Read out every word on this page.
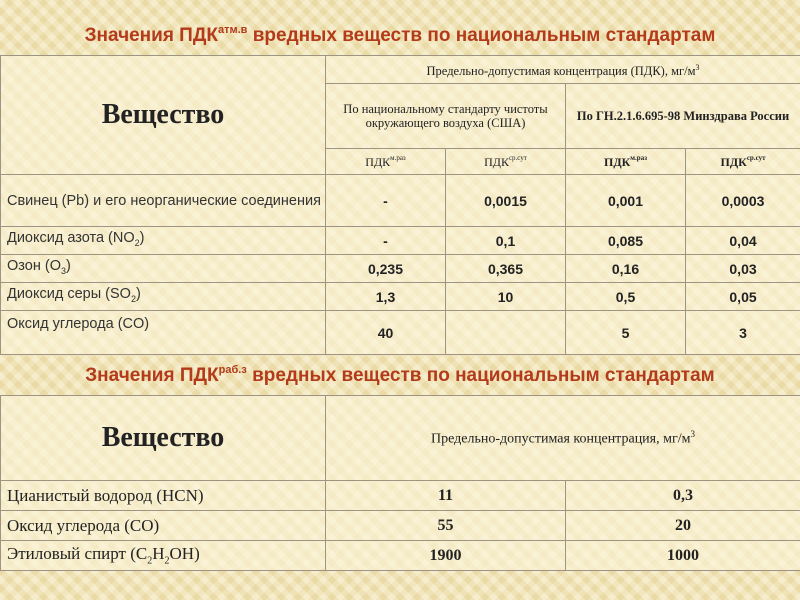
Значения $ПДК^{атм.в}$ вредных веществ по национальным стандартам
Вещество	Предельно-допустимая концентрация (ПДК), $мг/м^3$
	По национальному стандарту чистоты окружающего воздуха (США)		По ГН.2.1.6.695-98 Минздрава России	
	$ПДК^{м.раз}$	$ПДК^{ср.сут}$	$ПДК^{м.раз}$	$ПДК^{ср.сут}$
Свинец (Pb) и его неорганические соединения	-	0,0015	0,001	0,0003
Диоксид азота $(NO_2)$	-	0,1	0,085	0,04
Озон $(O_3)$	0,235	0,365	0,16	0,03
Диоксид серы $(SO_2)$	1,3	10	0,5	0,05
Оксид углерода (CO)	40		5	3
Значения $ПДК^{раб.з}$ вредных веществ по национальным стандартам
Вещество	Предельно-допустимая концентрация, $мг/м^3$
Цианистый водород (HCN)	11	0,3
Оксид углерода (CO)	55	20
Этиловый спирт $(C_2H_2OH)$	1900	1000
